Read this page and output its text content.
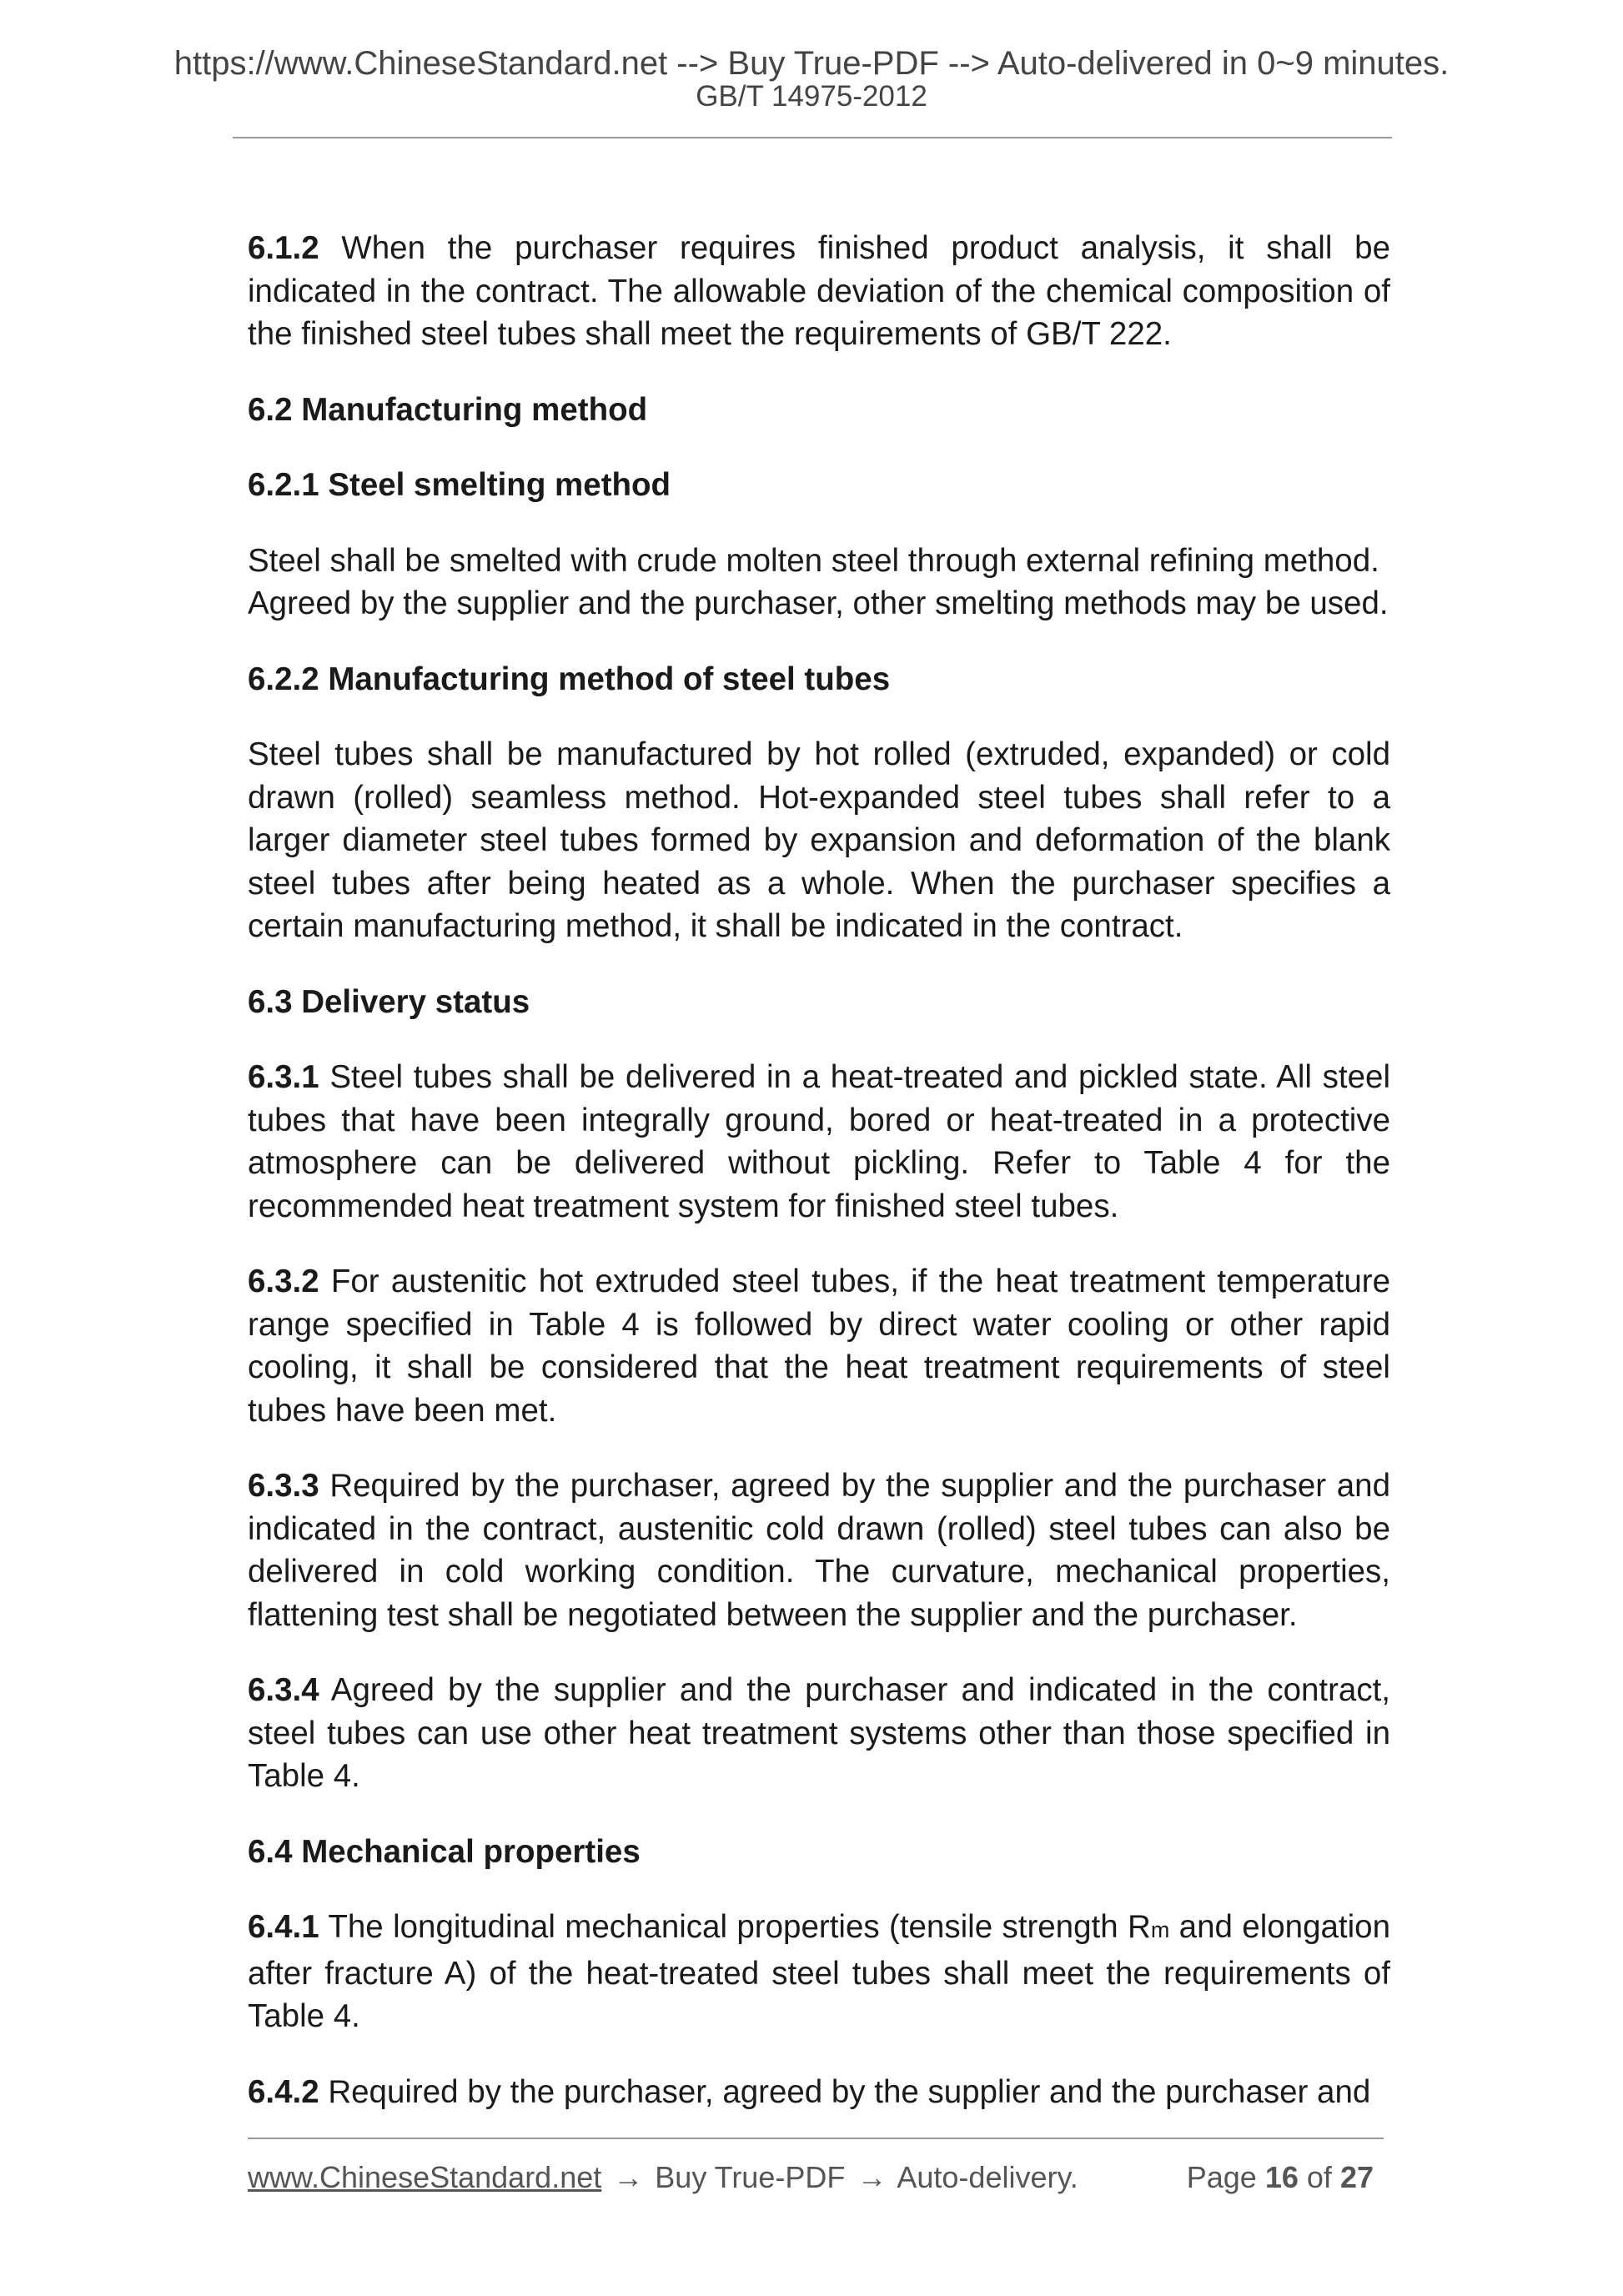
https://www.ChineseStandard.net --> Buy True-PDF --> Auto-delivered in 0~9 minutes.
GB/T 14975-2012

6.1.2 When the purchaser requires finished product analysis, it shall be indicated in the contract. The allowable deviation of the chemical composition of the finished steel tubes shall meet the requirements of GB/T 222.

6.2 Manufacturing method
6.2.1 Steel smelting method

Steel shall be smelted with crude molten steel through external refining method. Agreed by the supplier and the purchaser, other smelting methods may be used.

6.2.2 Manufacturing method of steel tubes

Steel tubes shall be manufactured by hot rolled (extruded, expanded) or cold drawn (rolled) seamless method. Hot-expanded steel tubes shall refer to a larger diameter steel tubes formed by expansion and deformation of the blank steel tubes after being heated as a whole. When the purchaser specifies a certain manufacturing method, it shall be indicated in the contract.

6.3 Delivery status

6.3.1 Steel tubes shall be delivered in a heat-treated and pickled state. All steel tubes that have been integrally ground, bored or heat-treated in a protective atmosphere can be delivered without pickling. Refer to Table 4 for the recommended heat treatment system for finished steel tubes.

6.3.2 For austenitic hot extruded steel tubes, if the heat treatment temperature range specified in Table 4 is followed by direct water cooling or other rapid cooling, it shall be considered that the heat treatment requirements of steel tubes have been met.

6.3.3 Required by the purchaser, agreed by the supplier and the purchaser and indicated in the contract, austenitic cold drawn (rolled) steel tubes can also be delivered in cold working condition. The curvature, mechanical properties, flattening test shall be negotiated between the supplier and the purchaser.

6.3.4 Agreed by the supplier and the purchaser and indicated in the contract, steel tubes can use other heat treatment systems other than those specified in Table 4.

6.4 Mechanical properties

6.4.1 The longitudinal mechanical properties (tensile strength Rm and elongation after fracture A) of the heat-treated steel tubes shall meet the requirements of Table 4.

6.4.2 Required by the purchaser, agreed by the supplier and the purchaser and

www.ChineseStandard.net → Buy True-PDF → Auto-delivery.	Page 16 of 27
